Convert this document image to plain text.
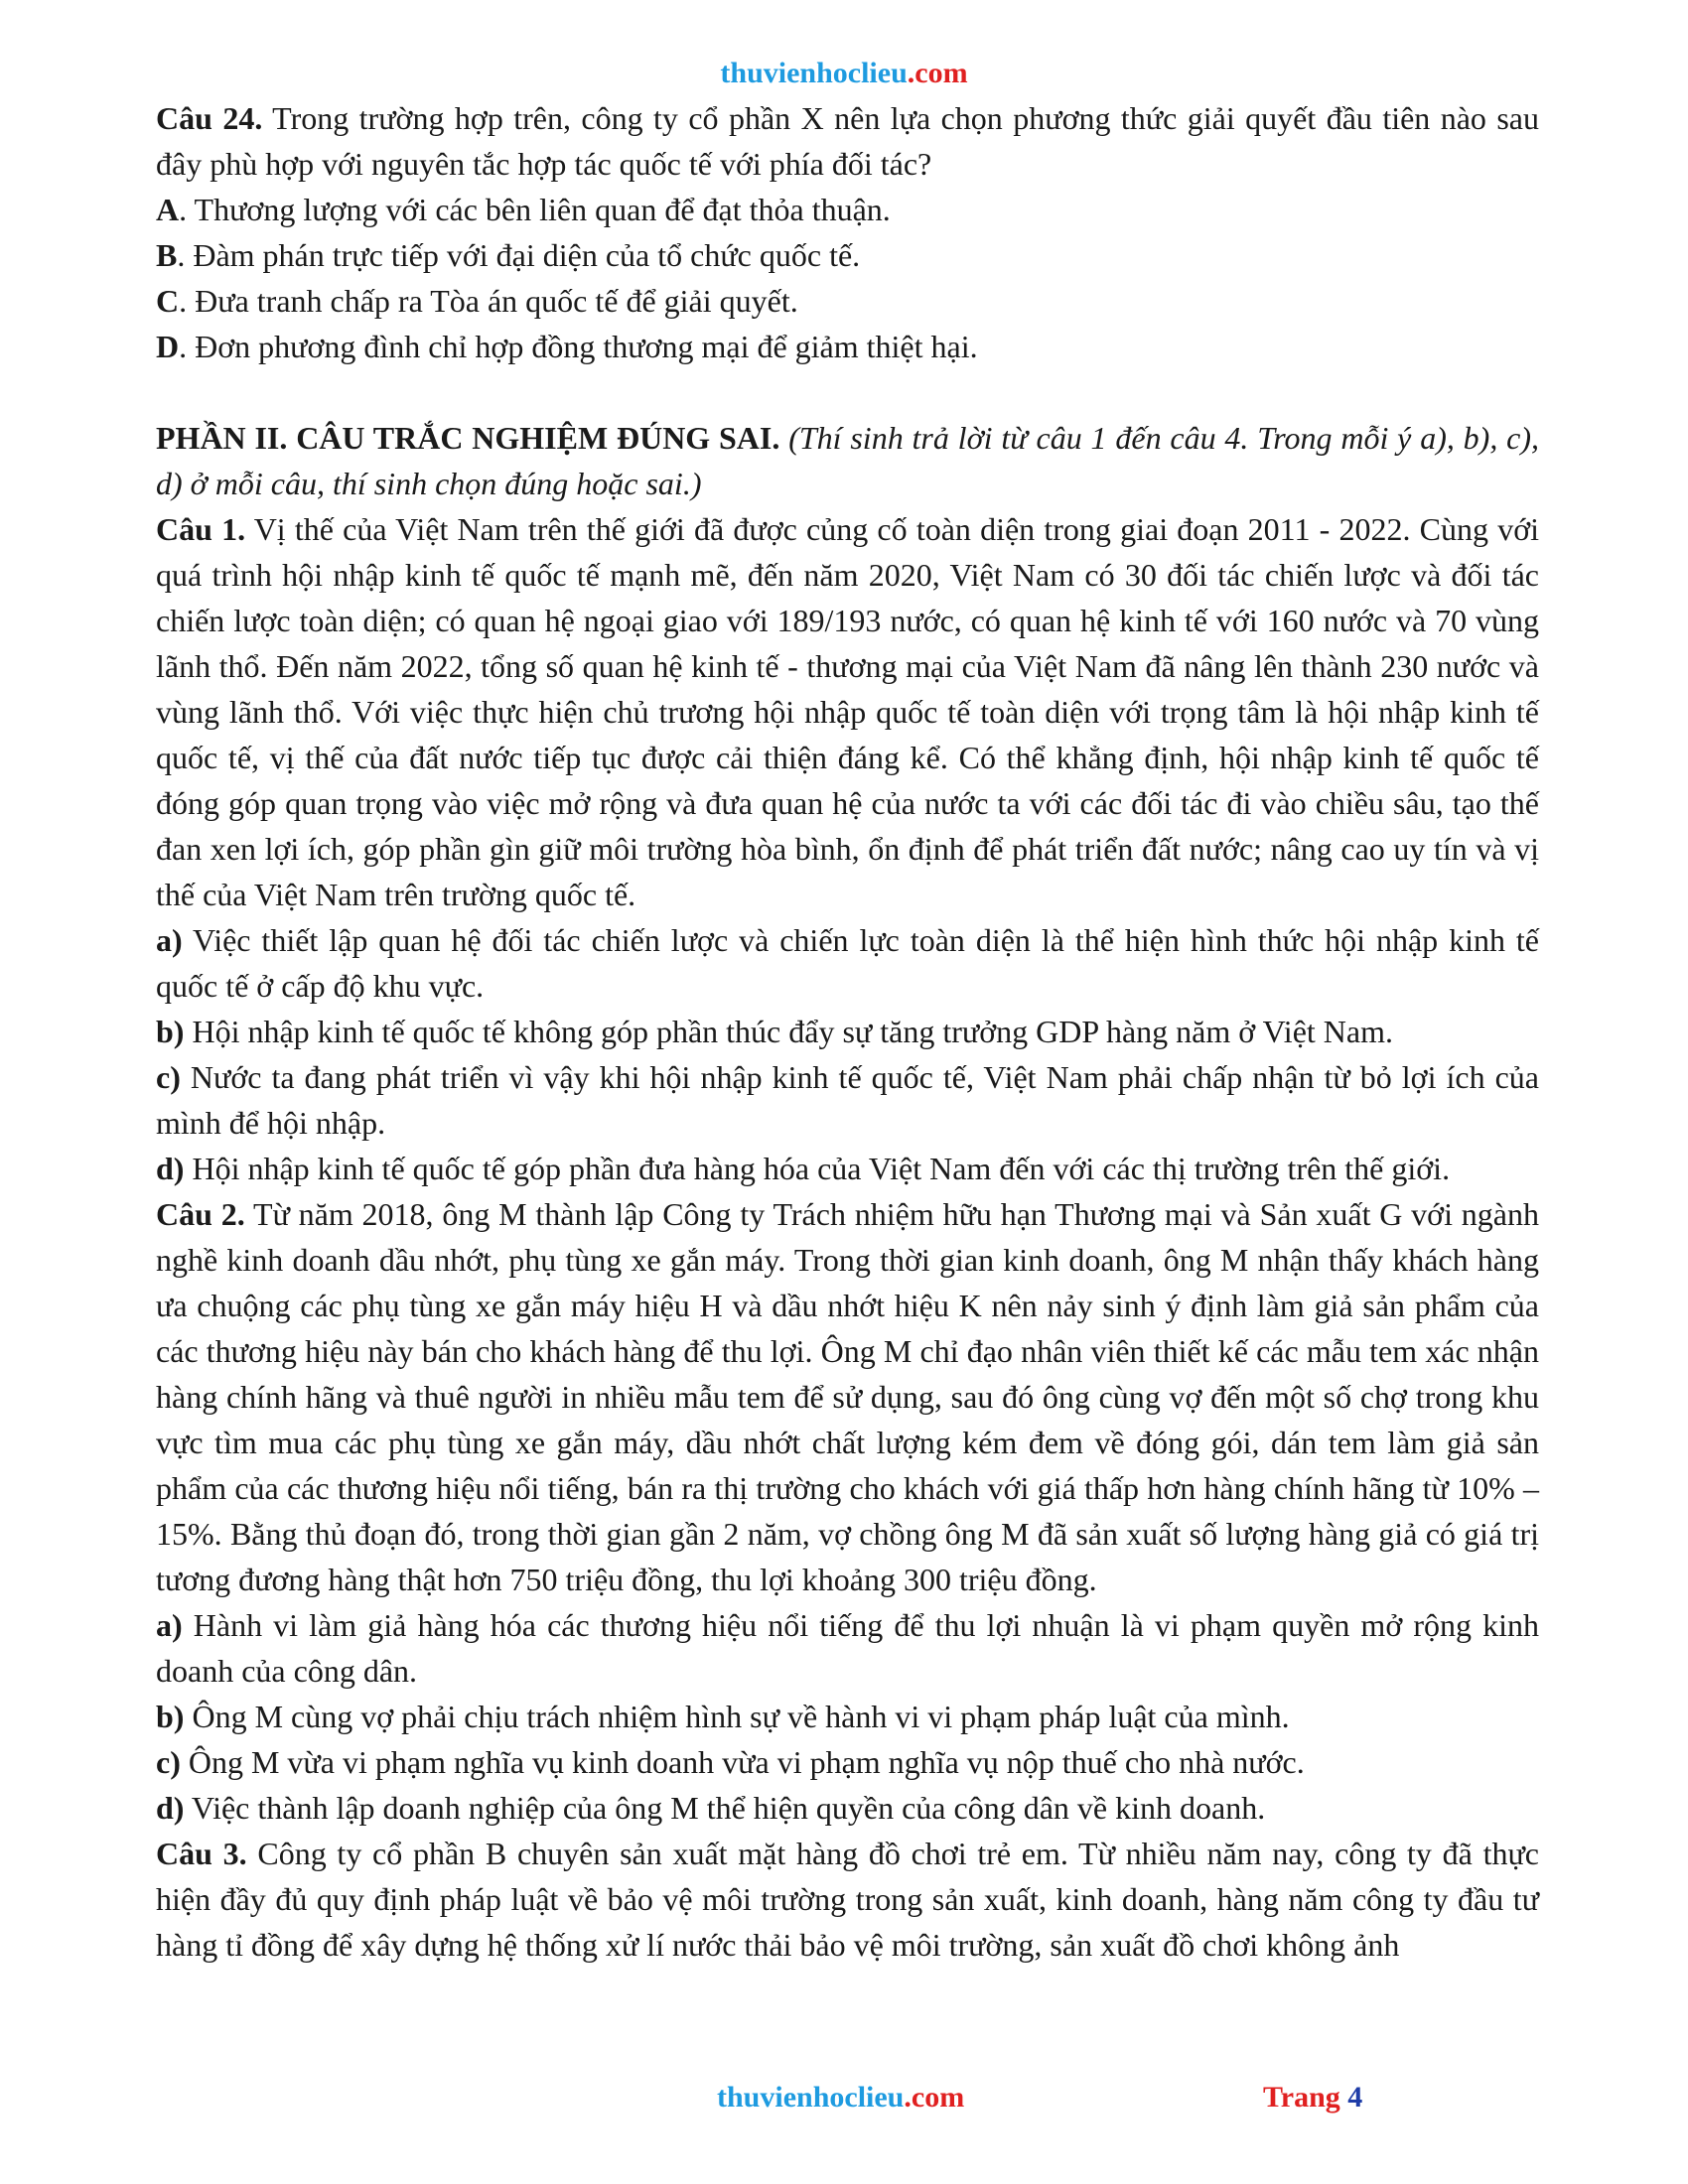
thuvienhoclieu.com

Câu 24. Trong trường hợp trên, công ty cổ phần X nên lựa chọn phương thức giải quyết đầu tiên nào sau đây phù hợp với nguyên tắc hợp tác quốc tế với phía đối tác?

A. Thương lượng với các bên liên quan để đạt thỏa thuận.

B. Đàm phán trực tiếp với đại diện của tổ chức quốc tế.

C. Đưa tranh chấp ra Tòa án quốc tế để giải quyết.

D. Đơn phương đình chỉ hợp đồng thương mại để giảm thiệt hại.

PHẦN II. CÂU TRẮC NGHIỆM ĐÚNG SAI. (Thí sinh trả lời từ câu 1 đến câu 4. Trong mỗi ý a), b), c), d) ở mỗi câu, thí sinh chọn đúng hoặc sai.)

Câu 1. Vị thế của Việt Nam trên thế giới đã được củng cố toàn diện trong giai đoạn 2011 - 2022. Cùng với quá trình hội nhập kinh tế quốc tế mạnh mẽ, đến năm 2020, Việt Nam có 30 đối tác chiến lược và đối tác chiến lược toàn diện; có quan hệ ngoại giao với 189/193 nước, có quan hệ kinh tế với 160 nước và 70 vùng lãnh thổ. Đến năm 2022, tổng số quan hệ kinh tế - thương mại của Việt Nam đã nâng lên thành 230 nước và vùng lãnh thổ. Với việc thực hiện chủ trương hội nhập quốc tế toàn diện với trọng tâm là hội nhập kinh tế quốc tế, vị thế của đất nước tiếp tục được cải thiện đáng kể. Có thể khẳng định, hội nhập kinh tế quốc tế đóng góp quan trọng vào việc mở rộng và đưa quan hệ của nước ta với các đối tác đi vào chiều sâu, tạo thế đan xen lợi ích, góp phần gìn giữ môi trường hòa bình, ổn định để phát triển đất nước; nâng cao uy tín và vị thế của Việt Nam trên trường quốc tế.

a) Việc thiết lập quan hệ đối tác chiến lược và chiến lực toàn diện là thể hiện hình thức hội nhập kinh tế quốc tế ở cấp độ khu vực.

b) Hội nhập kinh tế quốc tế không góp phần thúc đẩy sự tăng trưởng GDP hàng năm ở Việt Nam.

c) Nước ta đang phát triển vì vậy khi hội nhập kinh tế quốc tế, Việt Nam phải chấp nhận từ bỏ lợi ích của mình để hội nhập.

d) Hội nhập kinh tế quốc tế góp phần đưa hàng hóa của Việt Nam đến với các thị trường trên thế giới.

Câu 2. Từ năm 2018, ông M thành lập Công ty Trách nhiệm hữu hạn Thương mại và Sản xuất G với ngành nghề kinh doanh dầu nhớt, phụ tùng xe gắn máy. Trong thời gian kinh doanh, ông M nhận thấy khách hàng ưa chuộng các phụ tùng xe gắn máy hiệu H và dầu nhớt hiệu K nên nảy sinh ý định làm giả sản phẩm của các thương hiệu này bán cho khách hàng để thu lợi. Ông M chỉ đạo nhân viên thiết kế các mẫu tem xác nhận hàng chính hãng và thuê người in nhiều mẫu tem để sử dụng, sau đó ông cùng vợ đến một số chợ trong khu vực tìm mua các phụ tùng xe gắn máy, dầu nhớt chất lượng kém đem về đóng gói, dán tem làm giả sản phẩm của các thương hiệu nổi tiếng, bán ra thị trường cho khách với giá thấp hơn hàng chính hãng từ 10% – 15%. Bằng thủ đoạn đó, trong thời gian gần 2 năm, vợ chồng ông M đã sản xuất số lượng hàng giả có giá trị tương đương hàng thật hơn 750 triệu đồng, thu lợi khoảng 300 triệu đồng.

a) Hành vi làm giả hàng hóa các thương hiệu nổi tiếng để thu lợi nhuận là vi phạm quyền mở rộng kinh doanh của công dân.

b) Ông M cùng vợ phải chịu trách nhiệm hình sự về hành vi vi phạm pháp luật của mình.

c) Ông M vừa vi phạm nghĩa vụ kinh doanh vừa vi phạm nghĩa vụ nộp thuế cho nhà nước.

d) Việc thành lập doanh nghiệp của ông M thể hiện quyền của công dân về kinh doanh.

Câu 3. Công ty cổ phần B chuyên sản xuất mặt hàng đồ chơi trẻ em. Từ nhiều năm nay, công ty đã thực hiện đầy đủ quy định pháp luật về bảo vệ môi trường trong sản xuất, kinh doanh, hàng năm công ty đầu tư hàng tỉ đồng để xây dựng hệ thống xử lí nước thải bảo vệ môi trường, sản xuất đồ chơi không ảnh

thuvienhoclieu.com	Trang 4
